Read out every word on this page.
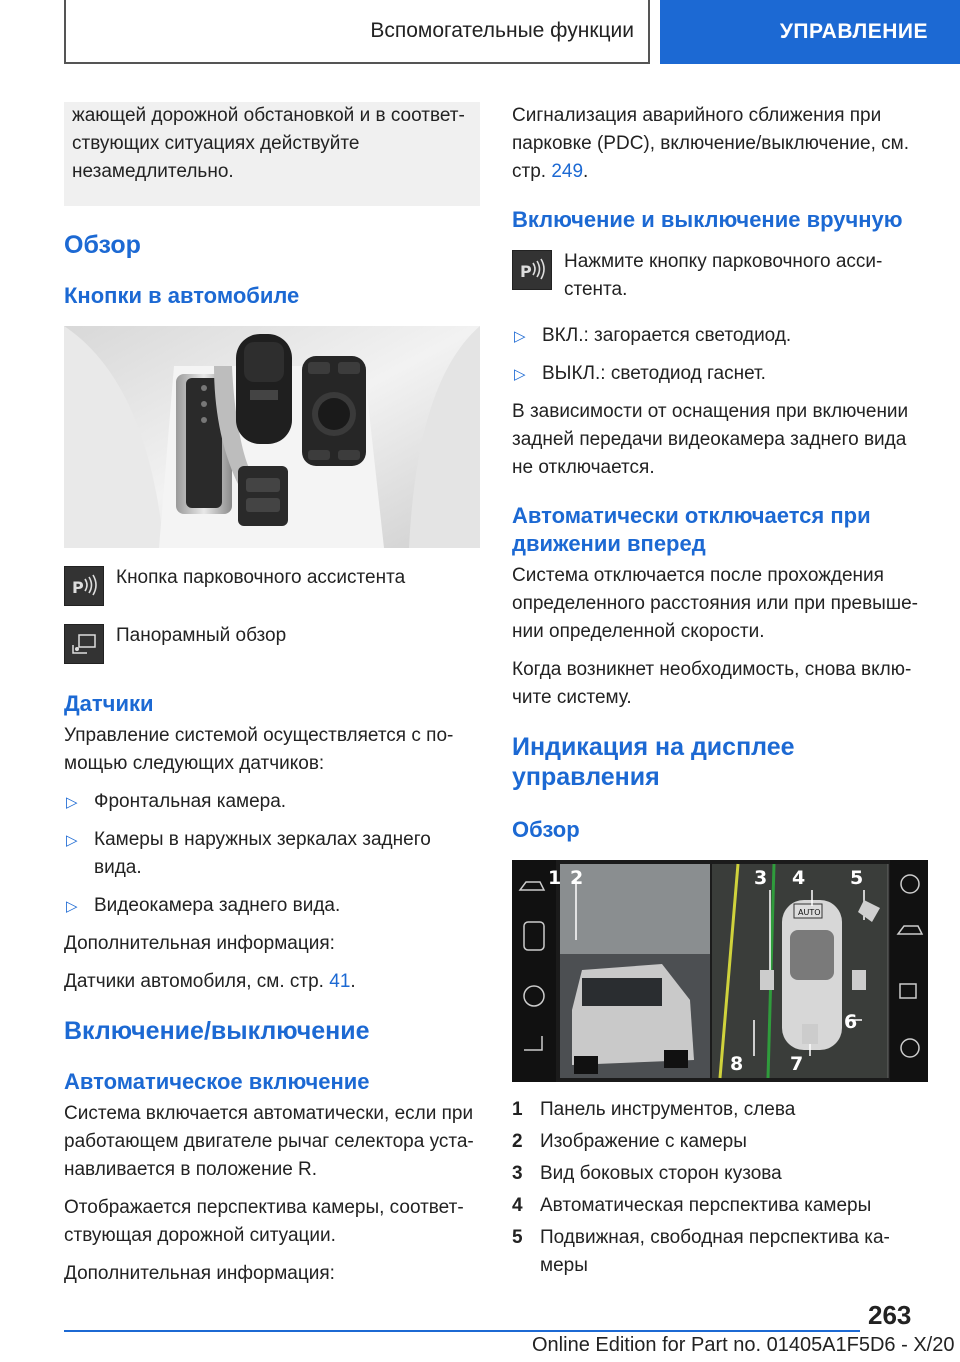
Вспомогательные функции	УПРАВЛЕНИЕ
жающей дорожной обстановкой и в соответ-ствующих ситуациях действуйте незамедлительно.
Обзор
Кнопки в автомобиле
P Кнопка парковочного ассистента
Панорамный обзор
Датчики

Управление системой осуществляется с по-мощью следующих датчиков:

▷ Фронтальная камера.
▷ Камеры в наружных зеркалах заднего вида.
▷ Видеокамера заднего вида.

Дополнительная информация:

Датчики автомобиля, см. стр. 41.

Включение/выключение
Автоматическое включение

Система включается автоматически, если при работающем двигателе рычаг селектора уста-навливается в положение R.

Отображается перспектива камеры, соответ-ствующая дорожной ситуации.

Дополнительная информация:

Сигнализация аварийного сближения при парковке (PDC), включение/выключение, см. стр. 249.

Включение и выключение вручную
P Нажмите кнопку парковочного асси-стента.
▷ ВКЛ.: загорается светодиод.
▷ ВЫКЛ.: светодиод гаснет.

В зависимости от оснащения при включении задней передачи видеокамера заднего вида не отключается.

Автоматически отключается при движении вперед

Система отключается после прохождения определенного расстояния или при превыше-нии определенной скорости.

Когда возникнет необходимость, снова вклю-чите систему.

Индикация на дисплее управления
Обзор
AUTO
1 2	3 4 5
6
7
8
1 Панель инструментов, слева
2 Изображение с камеры
3 Вид боковых сторон кузова
4 Автоматическая перспектива камеры
5 Подвижная, свободная перспектива ка-меры
263
Online Edition for Part no. 01405A1F5D6 - X/20
